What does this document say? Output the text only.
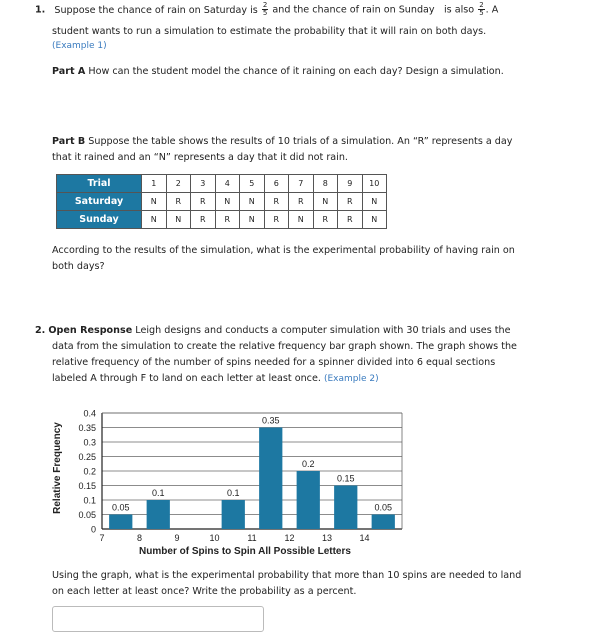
1. Suppose the chance of rain on Saturday is $\frac{2}{5}$ and the chance of rain on Sunday is also $\frac{2}{5}$ . A
student wants to run a simulation to estimate the probability that it will rain on both days.
(Example 1)
Part A How can the student model the chance of it raining on each day? Design a simulation.
Part B Suppose the table shows the results of 10 trials of a simulation. An “R” represents a day
that it rained and an “N” represents a day that it did not rain.
Trial	1	2	3	4	5	6	7	8	9	10
Saturday	N	R	R	N	N	R	R	N	R	N
Sunday	N	N	R	R	N	R	N	R	R	N
According to the results of the simulation, what is the experimental probability of having rain on
both days?
2. Open Response Leigh designs and conducts a computer simulation with 30 trials and uses the
data from the simulation to create the relative frequency bar graph shown. The graph shows the
relative frequency of the number of spins needed for a spinner divided into 6 equal sections
labeled A through F to land on each letter at least once. (Example 2)
0
0.05
0.1
0.15
0.2
0.25
0.3
0.35
0.4
0.05
7
0.1
8	9
0.1
10
0.35
11
0.2
12
0.15
13
0.05
14
Relative Frequency
Number of Spins to Spin All Possible Letters
Using the graph, what is the experimental probability that more than 10 spins are needed to land
on each letter at least once? Write the probability as a percent.
